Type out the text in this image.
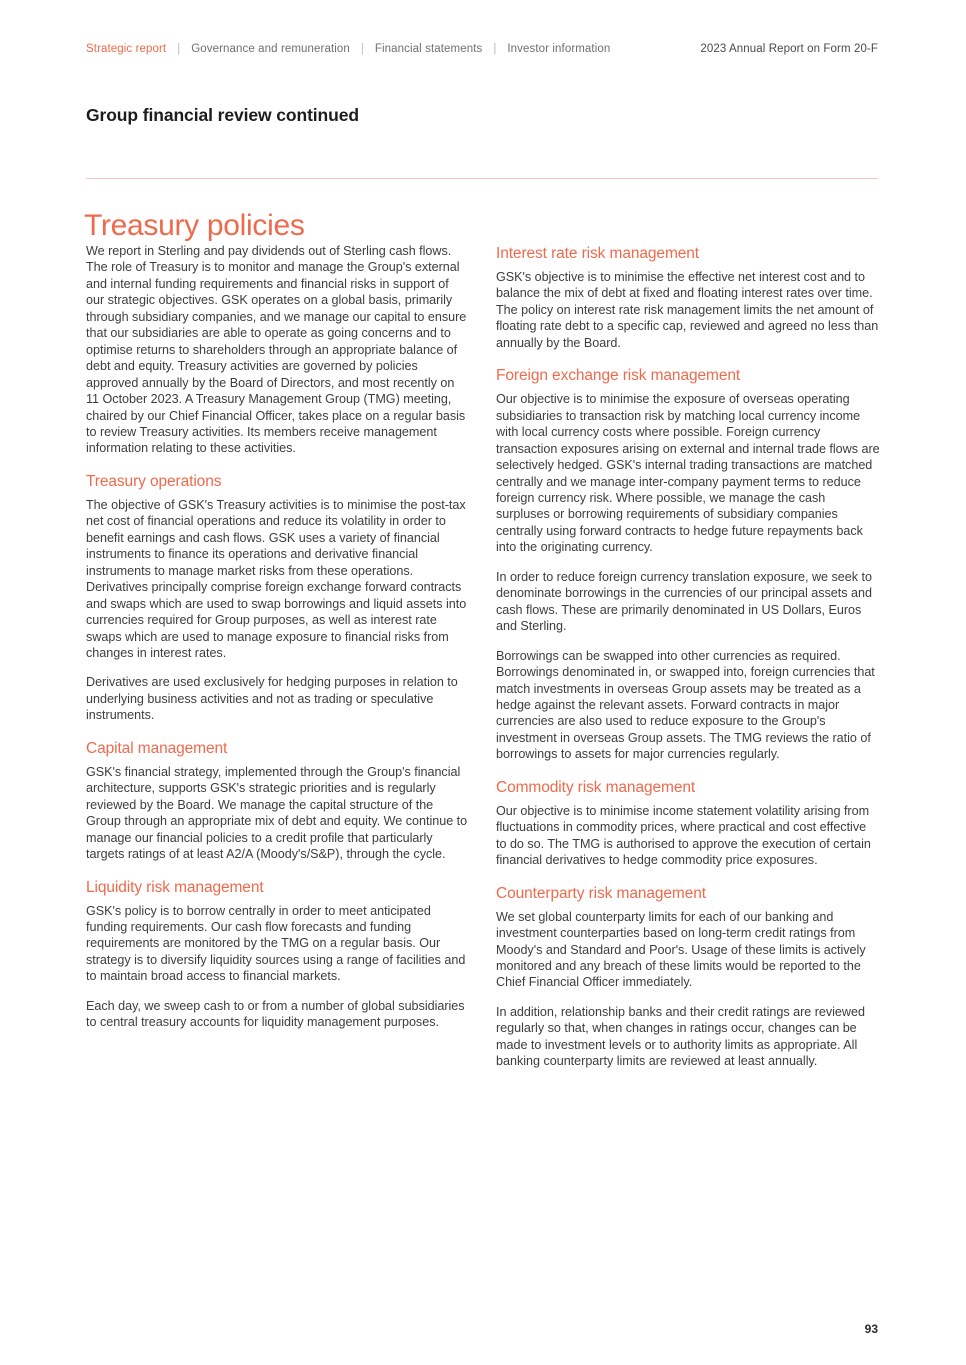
Strategic report | Governance and remuneration | Financial statements | Investor information	2023 Annual Report on Form 20-F
Group financial review continued
Treasury policies

We report in Sterling and pay dividends out of Sterling cash flows. The role of Treasury is to monitor and manage the Group's external and internal funding requirements and financial risks in support of our strategic objectives. GSK operates on a global basis, primarily through subsidiary companies, and we manage our capital to ensure that our subsidiaries are able to operate as going concerns and to optimise returns to shareholders through an appropriate balance of debt and equity. Treasury activities are governed by policies approved annually by the Board of Directors, and most recently on 11 October 2023. A Treasury Management Group (TMG) meeting, chaired by our Chief Financial Officer, takes place on a regular basis to review Treasury activities. Its members receive management information relating to these activities.

Treasury operations

The objective of GSK's Treasury activities is to minimise the post-tax net cost of financial operations and reduce its volatility in order to benefit earnings and cash flows. GSK uses a variety of financial instruments to finance its operations and derivative financial instruments to manage market risks from these operations. Derivatives principally comprise foreign exchange forward contracts and swaps which are used to swap borrowings and liquid assets into currencies required for Group purposes, as well as interest rate swaps which are used to manage exposure to financial risks from changes in interest rates.

Derivatives are used exclusively for hedging purposes in relation to underlying business activities and not as trading or speculative instruments.

Capital management

GSK's financial strategy, implemented through the Group's financial architecture, supports GSK's strategic priorities and is regularly reviewed by the Board. We manage the capital structure of the Group through an appropriate mix of debt and equity. We continue to manage our financial policies to a credit profile that particularly targets ratings of at least A2/A (Moody's/S&P), through the cycle.

Liquidity risk management

GSK's policy is to borrow centrally in order to meet anticipated funding requirements. Our cash flow forecasts and funding requirements are monitored by the TMG on a regular basis. Our strategy is to diversify liquidity sources using a range of facilities and to maintain broad access to financial markets.

Each day, we sweep cash to or from a number of global subsidiaries to central treasury accounts for liquidity management purposes.

Interest rate risk management

GSK's objective is to minimise the effective net interest cost and to balance the mix of debt at fixed and floating interest rates over time. The policy on interest rate risk management limits the net amount of floating rate debt to a specific cap, reviewed and agreed no less than annually by the Board.

Foreign exchange risk management

Our objective is to minimise the exposure of overseas operating subsidiaries to transaction risk by matching local currency income with local currency costs where possible. Foreign currency transaction exposures arising on external and internal trade flows are selectively hedged. GSK's internal trading transactions are matched centrally and we manage inter-company payment terms to reduce foreign currency risk. Where possible, we manage the cash surpluses or borrowing requirements of subsidiary companies centrally using forward contracts to hedge future repayments back into the originating currency.

In order to reduce foreign currency translation exposure, we seek to denominate borrowings in the currencies of our principal assets and cash flows. These are primarily denominated in US Dollars, Euros and Sterling.

Borrowings can be swapped into other currencies as required. Borrowings denominated in, or swapped into, foreign currencies that match investments in overseas Group assets may be treated as a hedge against the relevant assets. Forward contracts in major currencies are also used to reduce exposure to the Group's investment in overseas Group assets. The TMG reviews the ratio of borrowings to assets for major currencies regularly.

Commodity risk management

Our objective is to minimise income statement volatility arising from fluctuations in commodity prices, where practical and cost effective to do so. The TMG is authorised to approve the execution of certain financial derivatives to hedge commodity price exposures.

Counterparty risk management

We set global counterparty limits for each of our banking and investment counterparties based on long-term credit ratings from Moody's and Standard and Poor's. Usage of these limits is actively monitored and any breach of these limits would be reported to the Chief Financial Officer immediately.

In addition, relationship banks and their credit ratings are reviewed regularly so that, when changes in ratings occur, changes can be made to investment levels or to authority limits as appropriate. All banking counterparty limits are reviewed at least annually.

93
